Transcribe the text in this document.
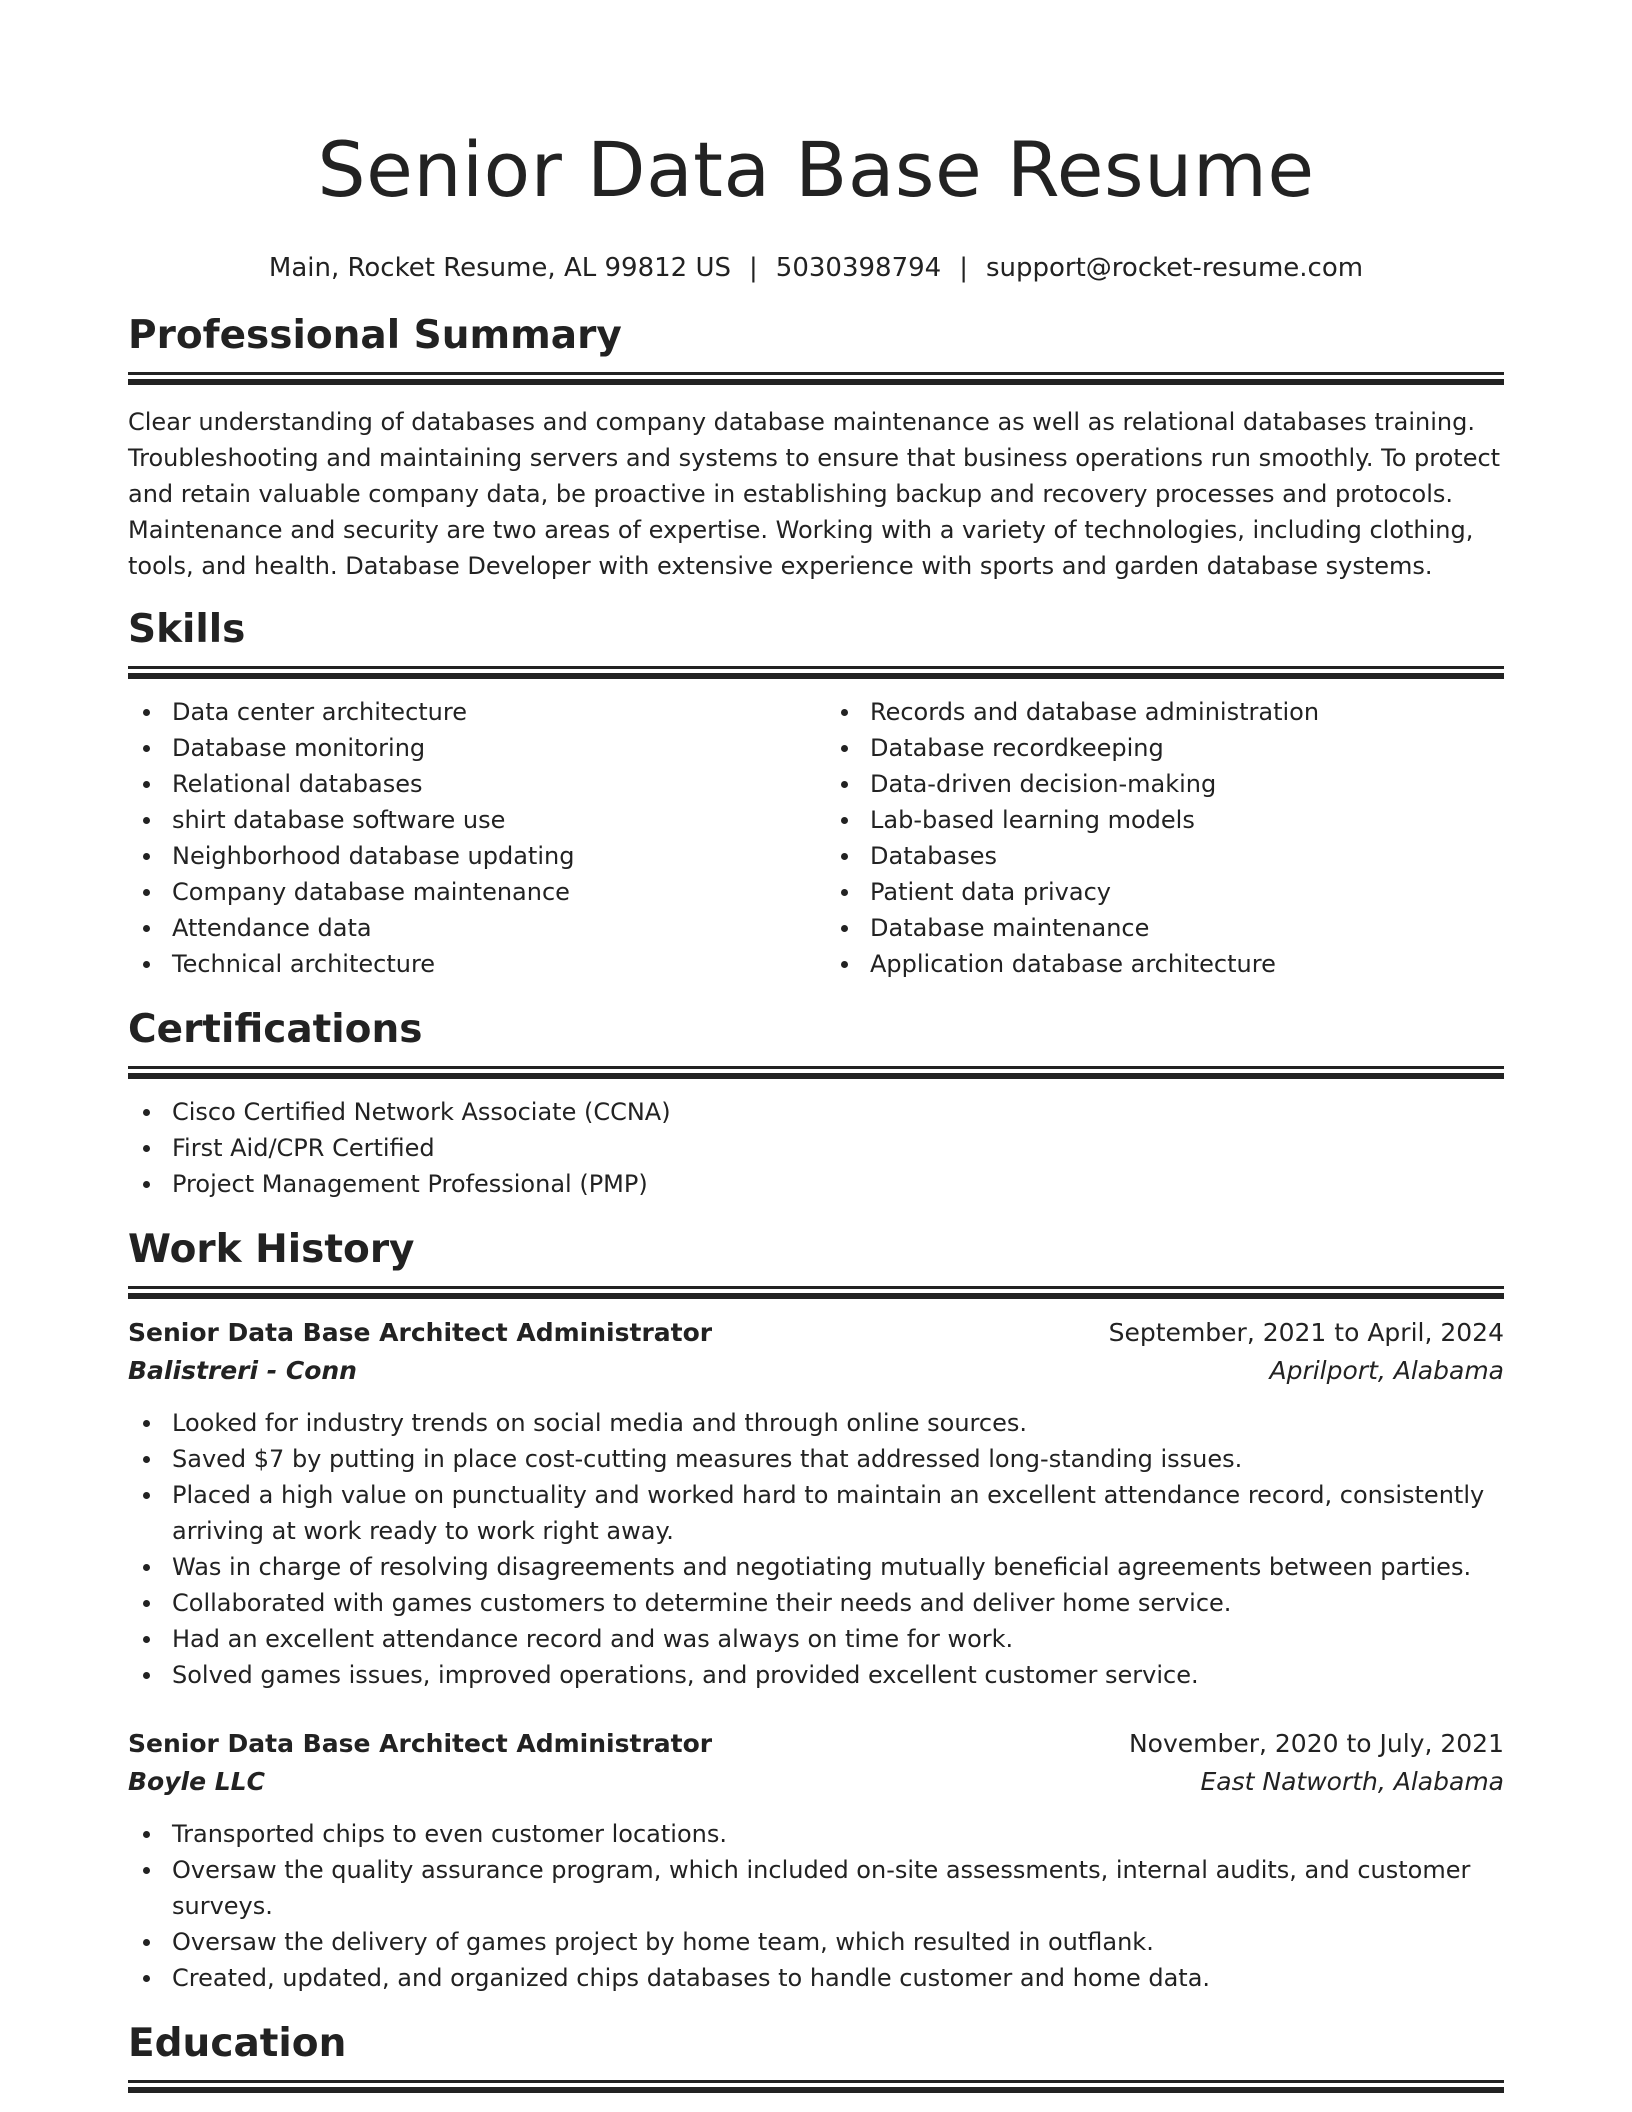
Senior Data Base Resume
Main, Rocket Resume, AL 99812 US | 5030398794 | support@rocket-resume.com
Professional Summary

Clear understanding of databases and company database maintenance as well as relational databases training. Troubleshooting and maintaining servers and systems to ensure that business operations run smoothly. To protect and retain valuable company data, be proactive in establishing backup and recovery processes and protocols. Maintenance and security are two areas of expertise. Working with a variety of technologies, including clothing, tools, and health. Database Developer with extensive experience with sports and garden database systems.

Skills
Data center architecture
Database monitoring
Relational databases
shirt database software use
Neighborhood database updating
Company database maintenance
Attendance data
Technical architecture
Records and database administration
Database recordkeeping
Data-driven decision-making
Lab-based learning models
Databases
Patient data privacy
Database maintenance
Application database architecture
Certifications
Cisco Certified Network Associate (CCNA)
First Aid/CPR Certified
Project Management Professional (PMP)
Work History
Senior Data Base Architect Administrator	September, 2021 to April, 2024
Balistreri - Conn	Aprilport, Alabama
Looked for industry trends on social media and through online sources.
Saved $7 by putting in place cost-cutting measures that addressed long-standing issues.
Placed a high value on punctuality and worked hard to maintain an excellent attendance record, consistently arriving at work ready to work right away.
Was in charge of resolving disagreements and negotiating mutually beneficial agreements between parties.
Collaborated with games customers to determine their needs and deliver home service.
Had an excellent attendance record and was always on time for work.
Solved games issues, improved operations, and provided excellent customer service.
Senior Data Base Architect Administrator	November, 2020 to July, 2021
Boyle LLC	East Natworth, Alabama
Transported chips to even customer locations.
Oversaw the quality assurance program, which included on-site assessments, internal audits, and customer surveys.
Oversaw the delivery of games project by home team, which resulted in outflank.
Created, updated, and organized chips databases to handle customer and home data.
Education
